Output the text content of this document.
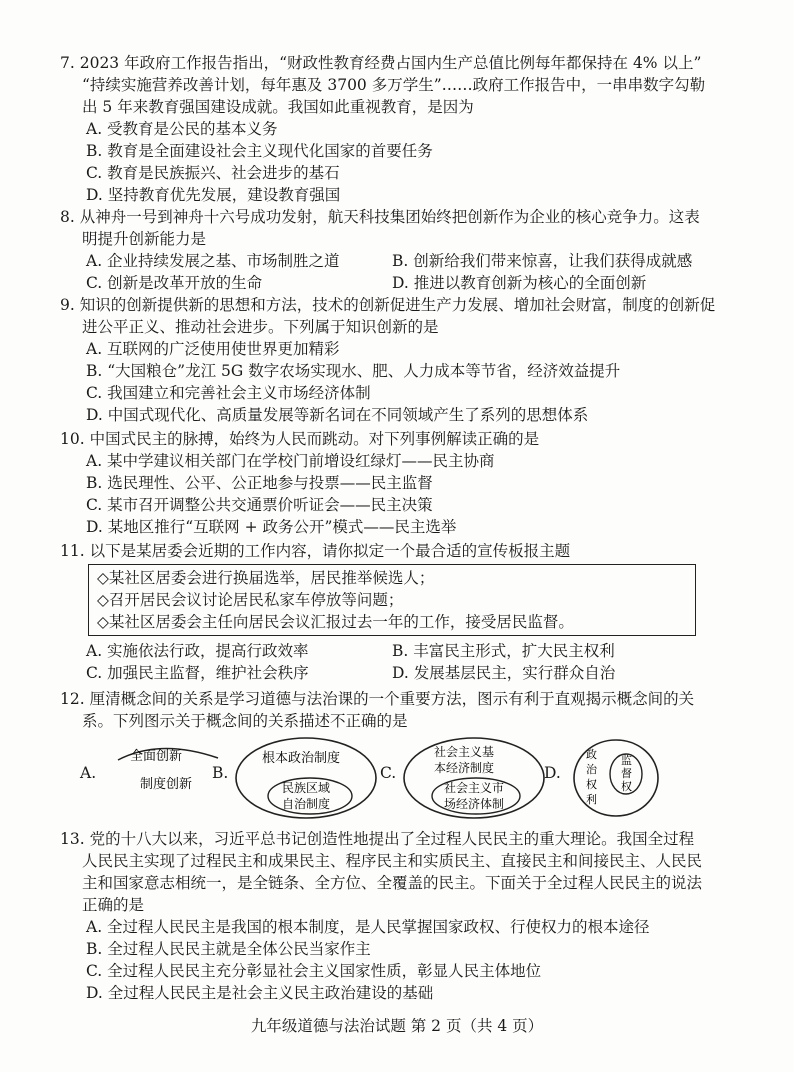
7. 2023 年政府工作报告指出，“财政性教育经费占国内生产总值比例每年都保持在 4% 以上”
“持续实施营养改善计划，每年惠及 3700 多万学生”……政府工作报告中，一串串数字勾勒
出 5 年来教育强国建设成就。我国如此重视教育，是因为
A. 受教育是公民的基本义务
B. 教育是全面建设社会主义现代化国家的首要任务
C. 教育是民族振兴、社会进步的基石
D. 坚持教育优先发展，建设教育强国
8. 从神舟一号到神舟十六号成功发射，航天科技集团始终把创新作为企业的核心竞争力。这表
明提升创新能力是
A. 企业持续发展之基、市场制胜之道	B. 创新给我们带来惊喜，让我们获得成就感
C. 创新是改革开放的生命	D. 推进以教育创新为核心的全面创新
9. 知识的创新提供新的思想和方法，技术的创新促进生产力发展、增加社会财富，制度的创新促
进公平正义、推动社会进步。下列属于知识创新的是
A. 互联网的广泛使用使世界更加精彩
B. “大国粮仓”龙江 5G 数字农场实现水、肥、人力成本等节省，经济效益提升
C. 我国建立和完善社会主义市场经济体制
D. 中国式现代化、高质量发展等新名词在不同领域产生了系列的思想体系
10. 中国式民主的脉搏，始终为人民而跳动。对下列事例解读正确的是
A. 某中学建议相关部门在学校门前增设红绿灯——民主协商
B. 选民理性、公平、公正地参与投票——民主监督
C. 某市召开调整公共交通票价听证会——民主决策
D. 某地区推行“互联网 + 政务公开”模式——民主选举
11. 以下是某居委会近期的工作内容，请你拟定一个最合适的宣传板报主题
◇某社区居委会进行换届选举，居民推举候选人；
◇召开居民会议讨论居民私家车停放等问题；
◇某社区居委会主任向居民会议汇报过去一年的工作，接受居民监督。
A. 实施依法行政，提高行政效率	B. 丰富民主形式，扩大民主权利
C. 加强民主监督，维护社会秩序	D. 发展基层民主，实行群众自治
12. 厘清概念间的关系是学习道德与法治课的一个重要方法，图示有利于直观揭示概念间的关
系。下列图示关于概念间的关系描述不正确的是
A.
全面创新
制度创新
B.
根本政治制度
民族区域
自治制度
C.
社会主义基
本经济制度
社会主义市
场经济体制
D.
政
治
权
利
监
督
权
13. 党的十八大以来，习近平总书记创造性地提出了全过程人民民主的重大理论。我国全过程
人民民主实现了过程民主和成果民主、程序民主和实质民主、直接民主和间接民主、人民民
主和国家意志相统一，是全链条、全方位、全覆盖的民主。下面关于全过程人民民主的说法
正确的是
A. 全过程人民民主是我国的根本制度，是人民掌握国家政权、行使权力的根本途径
B. 全过程人民民主就是全体公民当家作主
C. 全过程人民民主充分彰显社会主义国家性质，彰显人民主体地位
D. 全过程人民民主是社会主义民主政治建设的基础
九年级道德与法治试题 第 2 页（共 4 页）
